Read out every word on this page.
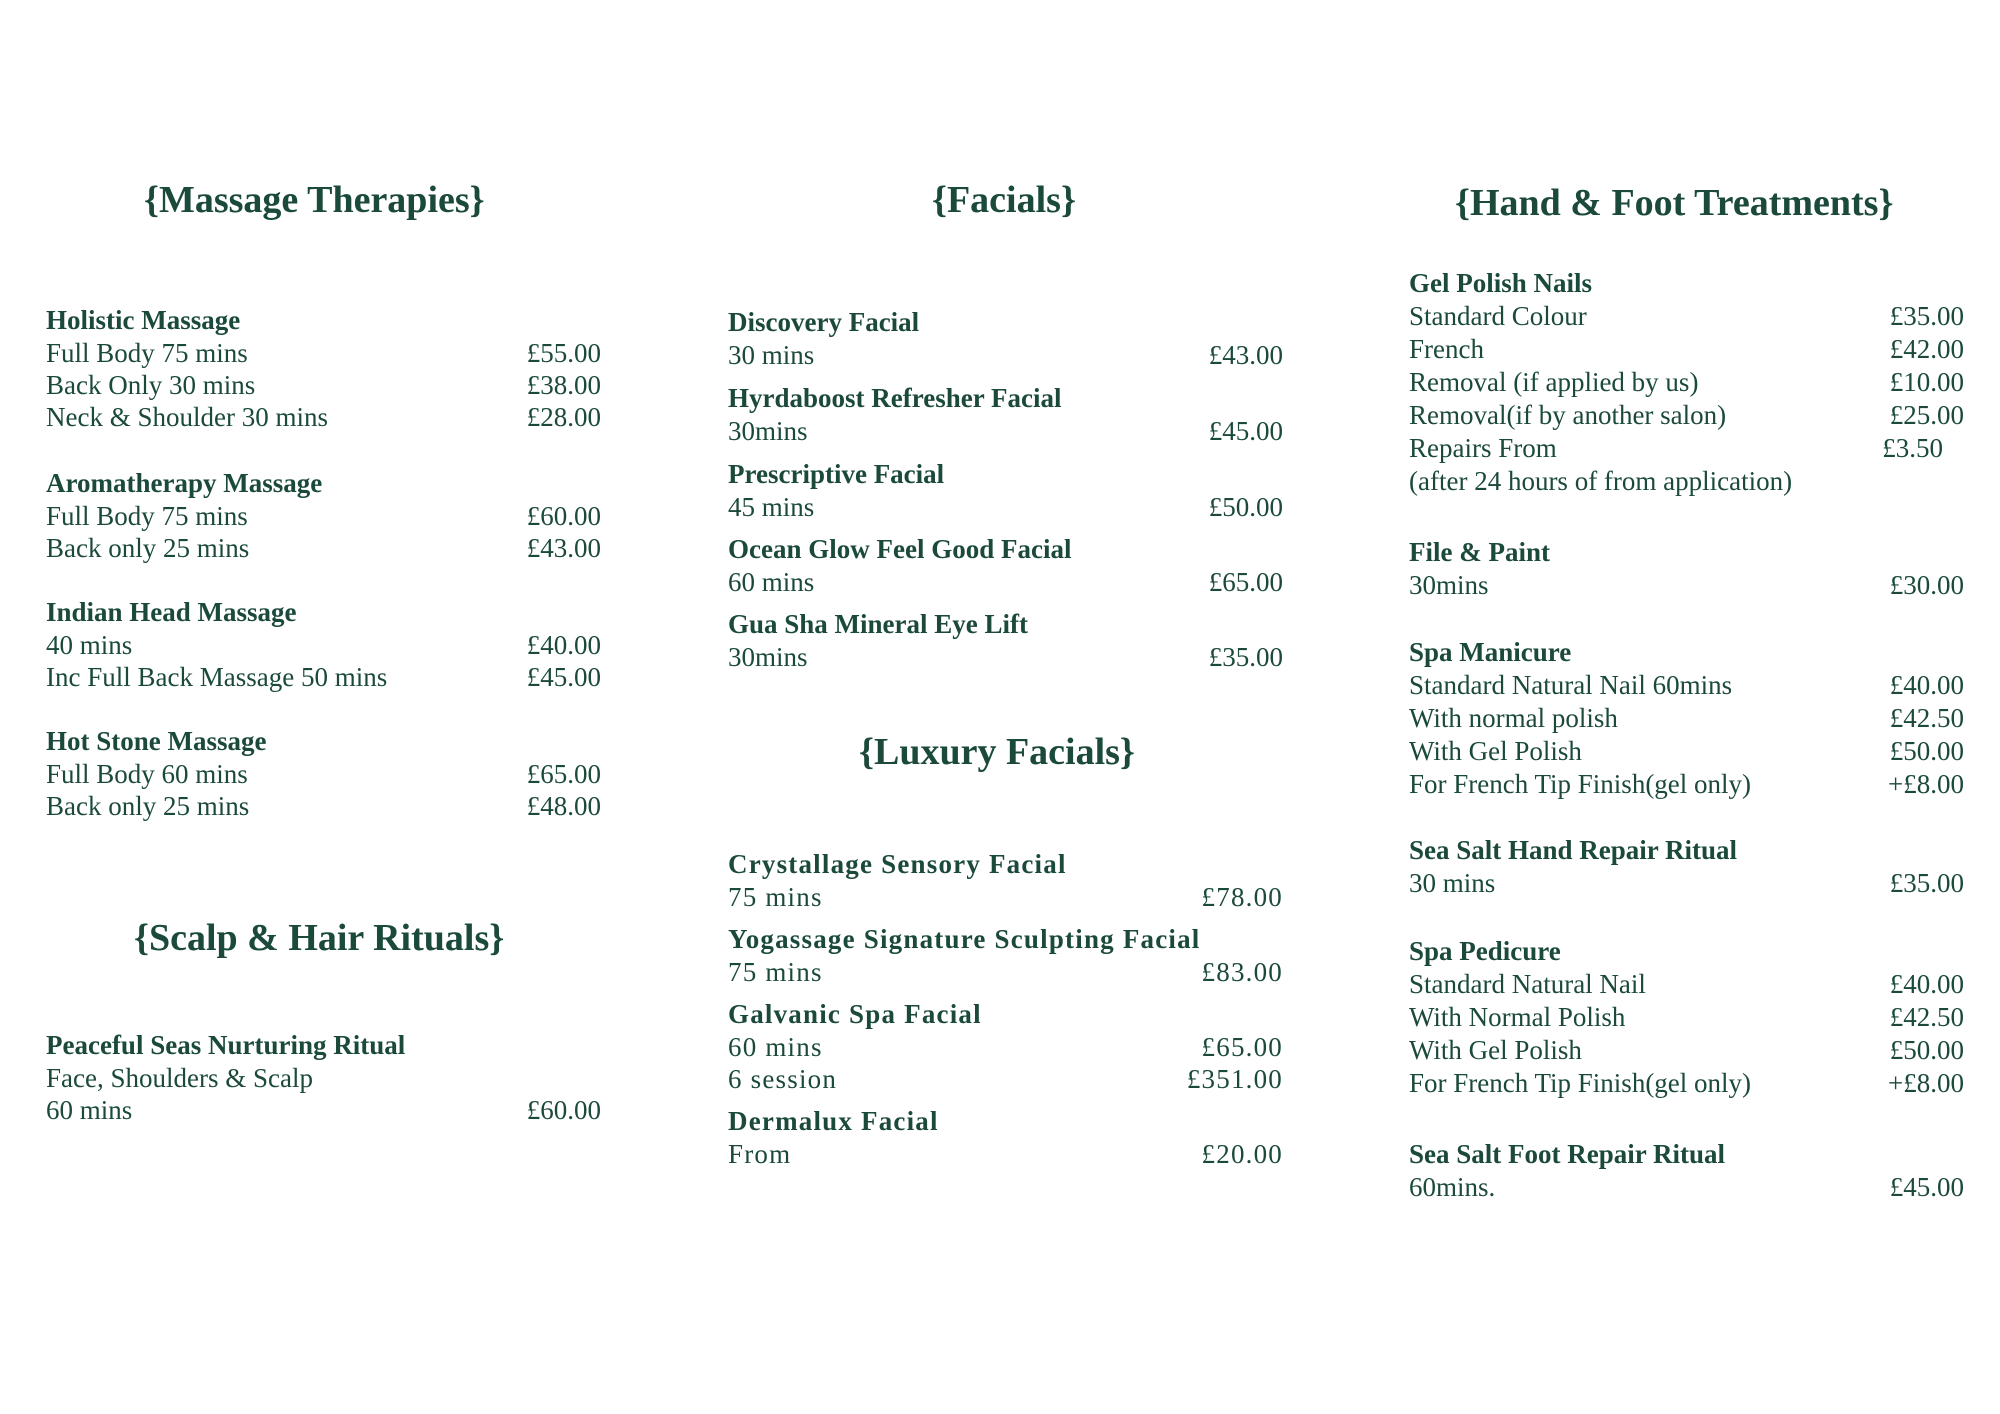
{Massage Therapies}
Holistic Massage
Full Body 75 mins	£55.00
Back Only 30 mins	£38.00
Neck & Shoulder 30 mins	£28.00
Aromatherapy Massage
Full Body 75 mins	£60.00
Back only 25 mins	£43.00
Indian Head Massage
40 mins	£40.00
Inc Full Back Massage 50 mins	£45.00
Hot Stone Massage
Full Body 60 mins	£65.00
Back only 25 mins	£48.00
{Scalp & Hair Rituals}
Peaceful Seas Nurturing Ritual
Face, Shoulders & Scalp
60 mins	£60.00
{Facials}
Discovery Facial
30 mins	£43.00
Hyrdaboost Refresher Facial
30mins	£45.00
Prescriptive Facial
45 mins	£50.00
Ocean Glow Feel Good Facial
60 mins	£65.00
Gua Sha Mineral Eye Lift
30mins	£35.00
{Luxury Facials}
Crystallage Sensory Facial
75 mins	£78.00
Yogassage Signature Sculpting Facial
75 mins	£83.00
Galvanic Spa Facial
60 mins	£65.00
6 session	£351.00
Dermalux Facial
From	£20.00
{Hand & Foot Treatments}
Gel Polish Nails
Standard Colour	£35.00
French	£42.00
Removal (if applied by us)	£10.00
Removal(if by another salon)	£25.00
Repairs From	£3.50
(after 24 hours of from application)
File & Paint
30mins	£30.00
Spa Manicure
Standard Natural Nail 60mins	£40.00
With normal polish	£42.50
With Gel Polish	£50.00
For French Tip Finish(gel only)	+£8.00
Sea Salt Hand Repair Ritual
30 mins	£35.00
Spa Pedicure
Standard Natural Nail	£40.00
With Normal Polish	£42.50
With Gel Polish	£50.00
For French Tip Finish(gel only)	+£8.00
Sea Salt Foot Repair Ritual
60mins.	£45.00
